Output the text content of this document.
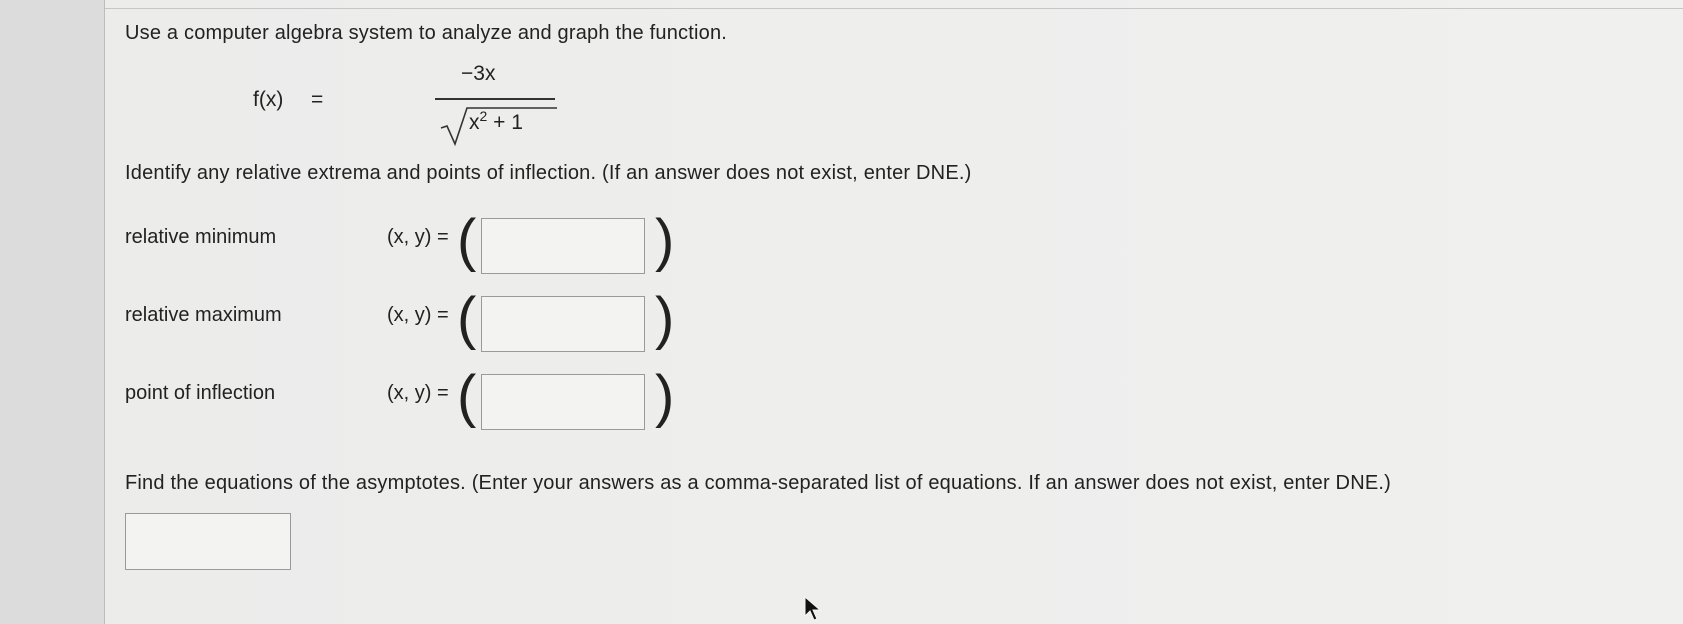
Use a computer algebra system to analyze and graph the function.
f(x) =
−3x
$x^2 + 1$
Identify any relative extrema and points of inflection. (If an answer does not exist, enter DNE.)
relative minimum	(x, y) = (	)
relative maximum	(x, y) = (	)
point of inflection	(x, y) = (	)
Find the equations of the asymptotes. (Enter your answers as a comma-separated list of equations. If an answer does not exist, enter DNE.)
